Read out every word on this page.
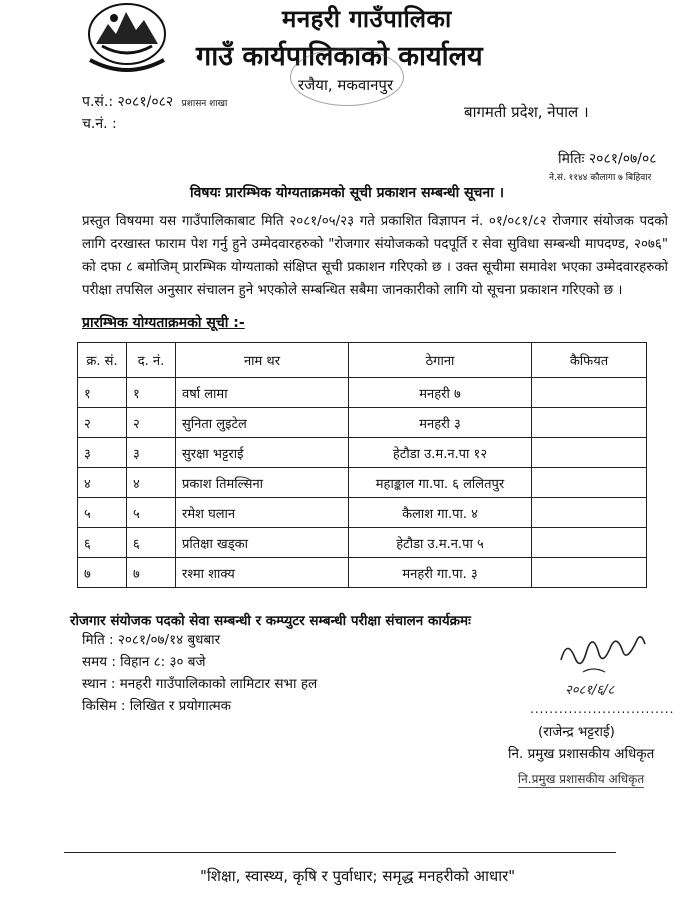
मनहरी गाउँपालिका
गाउँ कार्यपालिकाको कार्यालय
रजैया, मकवानपुर
प.सं.: २०८१/०८२ प्रशासन शाखा
च.नं. :
बागमती प्रदेश, नेपाल ।
मितिः २०८१/०७/०८
ने.सं. ११४४ कौलागा ७ बिहिवार
विषयः प्रारम्भिक योग्यताक्रमको सूची प्रकाशन सम्बन्धी सूचना ।
प्रस्तुत विषयमा यस गाउँपालिकाबाट मिति २०८१/०५/२३ गते प्रकाशित विज्ञापन नं. ०१/०८१/८२ रोजगार संयोजक पदको लागि दरखास्त फाराम पेश गर्नु हुने उम्मेदवारहरुको "रोजगार संयोजकको पदपूर्ति र सेवा सुविधा सम्बन्धी मापदण्ड, २०७६" को दफा ८ बमोजिम् प्रारम्भिक योग्यताको संक्षिप्त सूची प्रकाशन गरिएको छ । उक्त सूचीमा समावेश भएका उम्मेदवारहरुको परीक्षा तपसिल अनुसार संचालन हुने भएकोले सम्बन्धित सबैमा जानकारीको लागि यो सूचना प्रकाशन गरिएको छ ।
प्रारम्भिक योग्यताक्रमको सूची :-
क्र. सं.	द. नं.	नाम थर	ठेगाना	कैफियत
१	१	वर्षा लामा	मनहरी ७	
२	२	सुनिता लुइटेल	मनहरी ३	
३	३	सुरक्षा भट्टराई	हेटौडा उ.म.न.पा १२	
४	४	प्रकाश तिमल्सिना	महाङ्काल गा.पा. ६ ललितपुर	
५	५	रमेश घलान	कैलाश गा.पा. ४	
६	६	प्रतिक्षा खड्का	हेटौडा उ.म.न.पा ५	
७	७	रश्मा शाक्य	मनहरी गा.पा. ३	
रोजगार संयोजक पदको सेवा सम्बन्धी र कम्प्युटर सम्बन्धी परीक्षा संचालन कार्यक्रमः
मिति : २०८१/०७/१४ बुधबार
समय : विहान ८: ३० बजे
स्थान : मनहरी गाउँपालिकाको लामिटार सभा हल
किसिम : लिखित र प्रयोगात्मक
२०८१/६/८
..............................
(राजेन्द्र भट्टराई)
नि. प्रमुख प्रशासकीय अधिकृत
नि.प्रमुख प्रशासकीय अधिकृत
"शिक्षा, स्वास्थ्य, कृषि र पुर्वाधार; समृद्ध मनहरीको आधार"
